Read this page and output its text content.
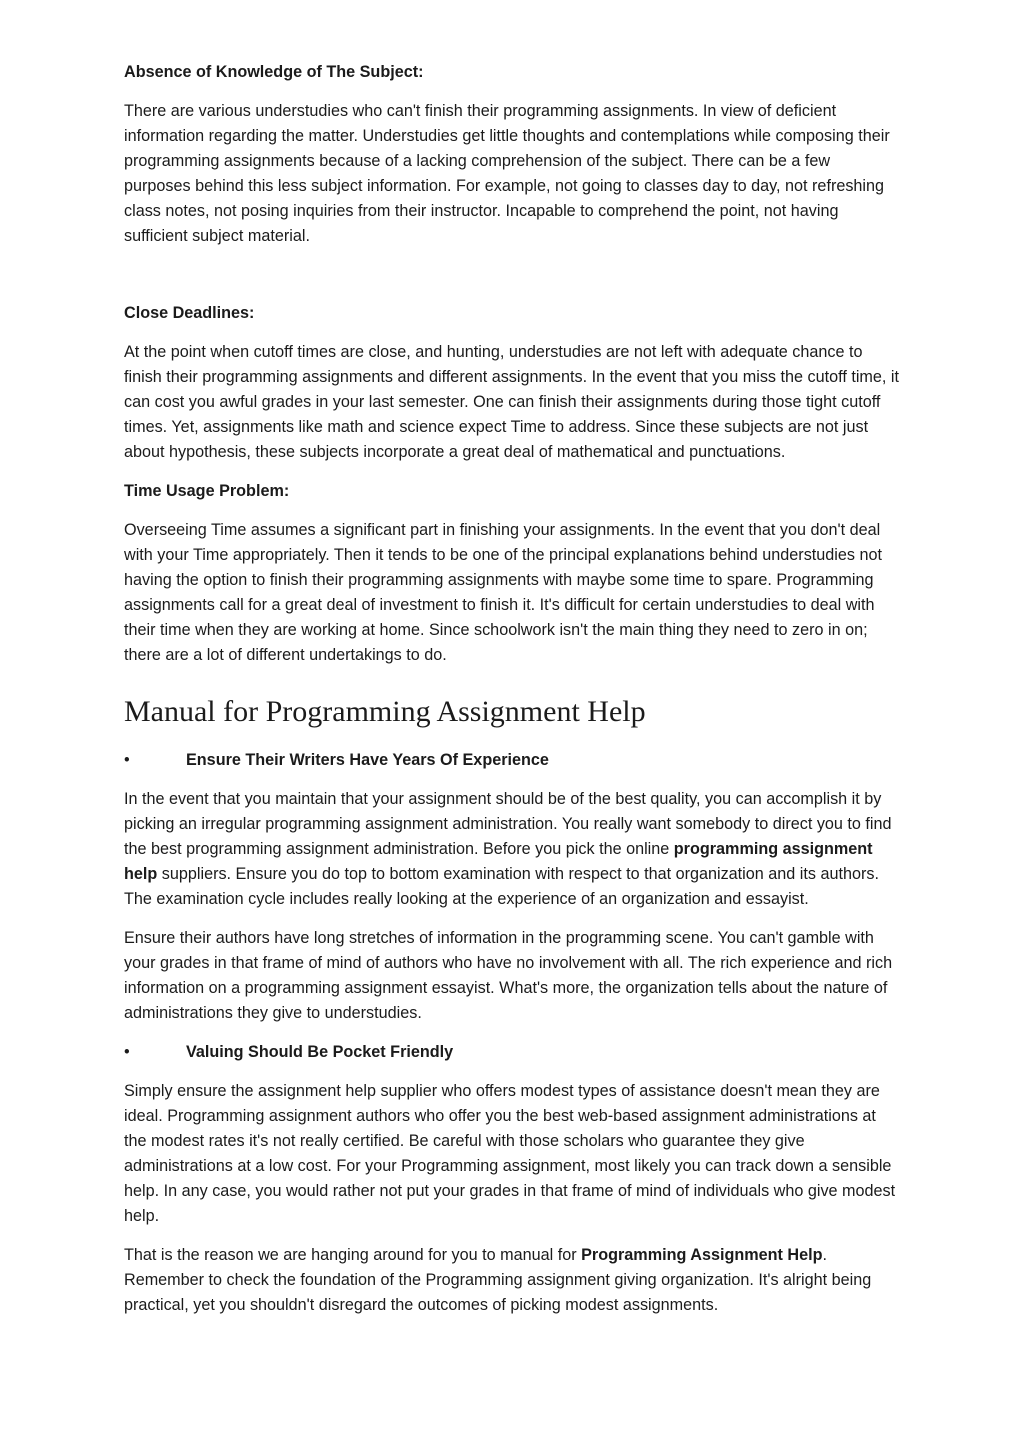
Absence of Knowledge of The Subject:

There are various understudies who can't finish their programming assignments. In view of deficient information regarding the matter. Understudies get little thoughts and contemplations while composing their programming assignments because of a lacking comprehension of the subject. There can be a few purposes behind this less subject information. For example, not going to classes day to day, not refreshing class notes, not posing inquiries from their instructor. Incapable to comprehend the point, not having sufficient subject material.

Close Deadlines:

At the point when cutoff times are close, and hunting, understudies are not left with adequate chance to finish their programming assignments and different assignments. In the event that you miss the cutoff time, it can cost you awful grades in your last semester. One can finish their assignments during those tight cutoff times. Yet, assignments like math and science expect Time to address. Since these subjects are not just about hypothesis, these subjects incorporate a great deal of mathematical and punctuations.

Time Usage Problem:

Overseeing Time assumes a significant part in finishing your assignments. In the event that you don't deal with your Time appropriately. Then it tends to be one of the principal explanations behind understudies not having the option to finish their programming assignments with maybe some time to spare. Programming assignments call for a great deal of investment to finish it. It's difficult for certain understudies to deal with their time when they are working at home. Since schoolwork isn't the main thing they need to zero in on; there are a lot of different undertakings to do.

Manual for Programming Assignment Help
•	Ensure Their Writers Have Years Of Experience

In the event that you maintain that your assignment should be of the best quality, you can accomplish it by picking an irregular programming assignment administration. You really want somebody to direct you to find the best programming assignment administration. Before you pick the online programming assignment help suppliers. Ensure you do top to bottom examination with respect to that organization and its authors. The examination cycle includes really looking at the experience of an organization and essayist.

Ensure their authors have long stretches of information in the programming scene. You can't gamble with your grades in that frame of mind of authors who have no involvement with all. The rich experience and rich information on a programming assignment essayist. What's more, the organization tells about the nature of administrations they give to understudies.

•	Valuing Should Be Pocket Friendly

Simply ensure the assignment help supplier who offers modest types of assistance doesn't mean they are ideal. Programming assignment authors who offer you the best web-based assignment administrations at the modest rates it's not really certified. Be careful with those scholars who guarantee they give administrations at a low cost. For your Programming assignment, most likely you can track down a sensible help. In any case, you would rather not put your grades in that frame of mind of individuals who give modest help.

That is the reason we are hanging around for you to manual for Programming Assignment Help. Remember to check the foundation of the Programming assignment giving organization. It's alright being practical, yet you shouldn't disregard the outcomes of picking modest assignments.
